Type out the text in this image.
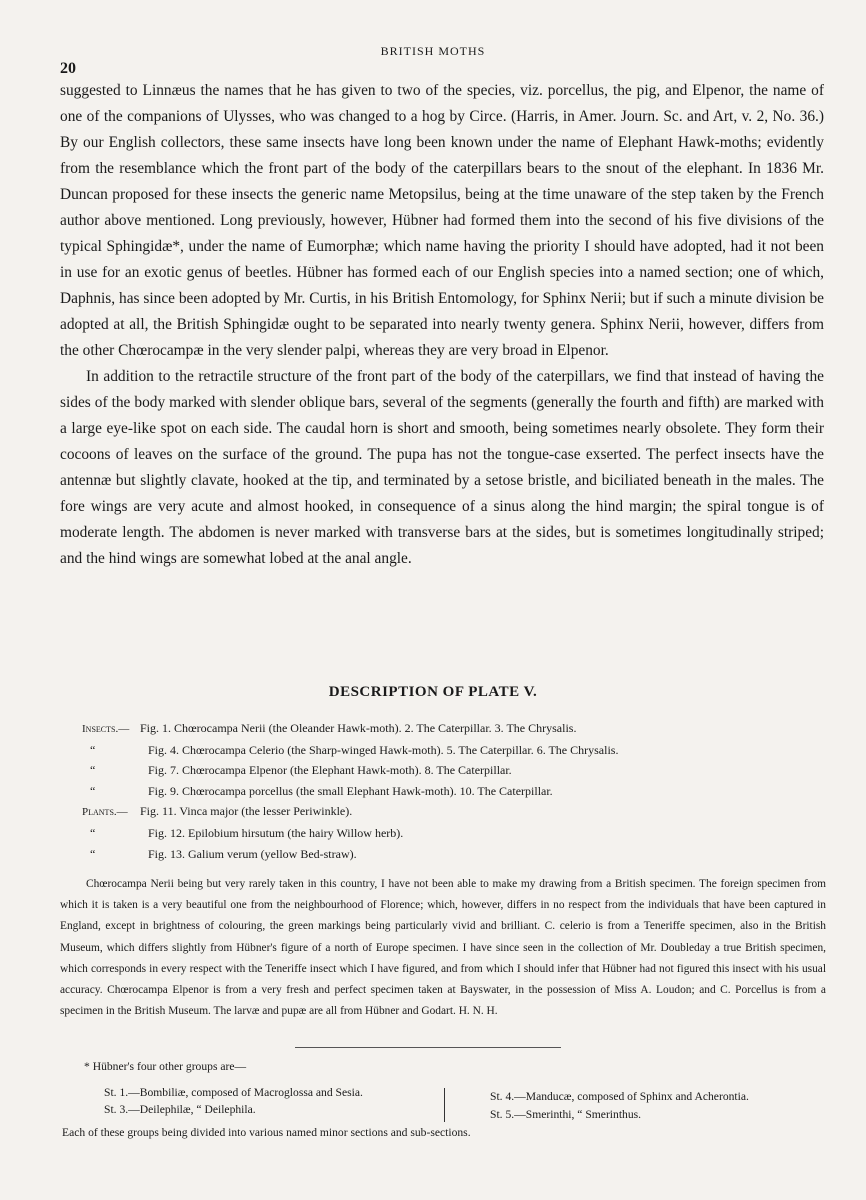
BRITISH MOTHS
20

suggested to Linnæus the names that he has given to two of the species, viz. porcellus, the pig, and Elpenor, the name of one of the companions of Ulysses, who was changed to a hog by Circe. (Harris, in Amer. Journ. Sc. and Art, v. 2, No. 36.) By our English collectors, these same insects have long been known under the name of Elephant Hawk-moths; evidently from the resemblance which the front part of the body of the caterpillars bears to the snout of the elephant. In 1836 Mr. Duncan proposed for these insects the generic name Metopsilus, being at the time unaware of the step taken by the French author above mentioned. Long previously, however, Hübner had formed them into the second of his five divisions of the typical Sphingidæ*, under the name of Eumorphæ; which name having the priority I should have adopted, had it not been in use for an exotic genus of beetles. Hübner has formed each of our English species into a named section; one of which, Daphnis, has since been adopted by Mr. Curtis, in his British Entomology, for Sphinx Nerii; but if such a minute division be adopted at all, the British Sphingidæ ought to be separated into nearly twenty genera. Sphinx Nerii, however, differs from the other Chœrocampæ in the very slender palpi, whereas they are very broad in Elpenor.

In addition to the retractile structure of the front part of the body of the caterpillars, we find that instead of having the sides of the body marked with slender oblique bars, several of the segments (generally the fourth and fifth) are marked with a large eye-like spot on each side. The caudal horn is short and smooth, being sometimes nearly obsolete. They form their cocoons of leaves on the surface of the ground. The pupa has not the tongue-case exserted. The perfect insects have the antennæ but slightly clavate, hooked at the tip, and terminated by a setose bristle, and biciliated beneath in the males. The fore wings are very acute and almost hooked, in consequence of a sinus along the hind margin; the spiral tongue is of moderate length. The abdomen is never marked with transverse bars at the sides, but is sometimes longitudinally striped; and the hind wings are somewhat lobed at the anal angle.

DESCRIPTION OF PLATE V.
Insects.— Fig. 1. Chœrocampa Nerii (the Oleander Hawk-moth). 2. The Caterpillar. 3. The Chrysalis.
“	Fig. 4. Chœrocampa Celerio (the Sharp-winged Hawk-moth). 5. The Caterpillar. 6. The Chrysalis.
“	Fig. 7. Chœrocampa Elpenor (the Elephant Hawk-moth). 8. The Caterpillar.
“	Fig. 9. Chœrocampa porcellus (the small Elephant Hawk-moth). 10. The Caterpillar.
Plants.— Fig. 11. Vinca major (the lesser Periwinkle).
“	Fig. 12. Epilobium hirsutum (the hairy Willow herb).
“	Fig. 13. Galium verum (yellow Bed-straw).

Chœrocampa Nerii being but very rarely taken in this country, I have not been able to make my drawing from a British specimen. The foreign specimen from which it is taken is a very beautiful one from the neighbourhood of Florence; which, however, differs in no respect from the individuals that have been captured in England, except in brightness of colouring, the green markings being particularly vivid and brilliant. C. celerio is from a Teneriffe specimen, also in the British Museum, which differs slightly from Hübner's figure of a north of Europe specimen. I have since seen in the collection of Mr. Doubleday a true British specimen, which corresponds in every respect with the Teneriffe insect which I have figured, and from which I should infer that Hübner had not figured this insect with his usual accuracy. Chœrocampa Elpenor is from a very fresh and perfect specimen taken at Bayswater, in the possession of Miss A. Loudon; and C. Porcellus is from a specimen in the British Museum. The larvæ and pupæ are all from Hübner and Godart. H. N. H.

* Hübner's four other groups are—
St. 1.—Bombiliæ, composed of Macroglossa and Sesia.
St. 3.—Deilephilæ, “ Deilephila.
St. 4.—Manducæ, composed of Sphinx and Acherontia.
St. 5.—Smerinthi, “ Smerinthus.
Each of these groups being divided into various named minor sections and sub-sections.
